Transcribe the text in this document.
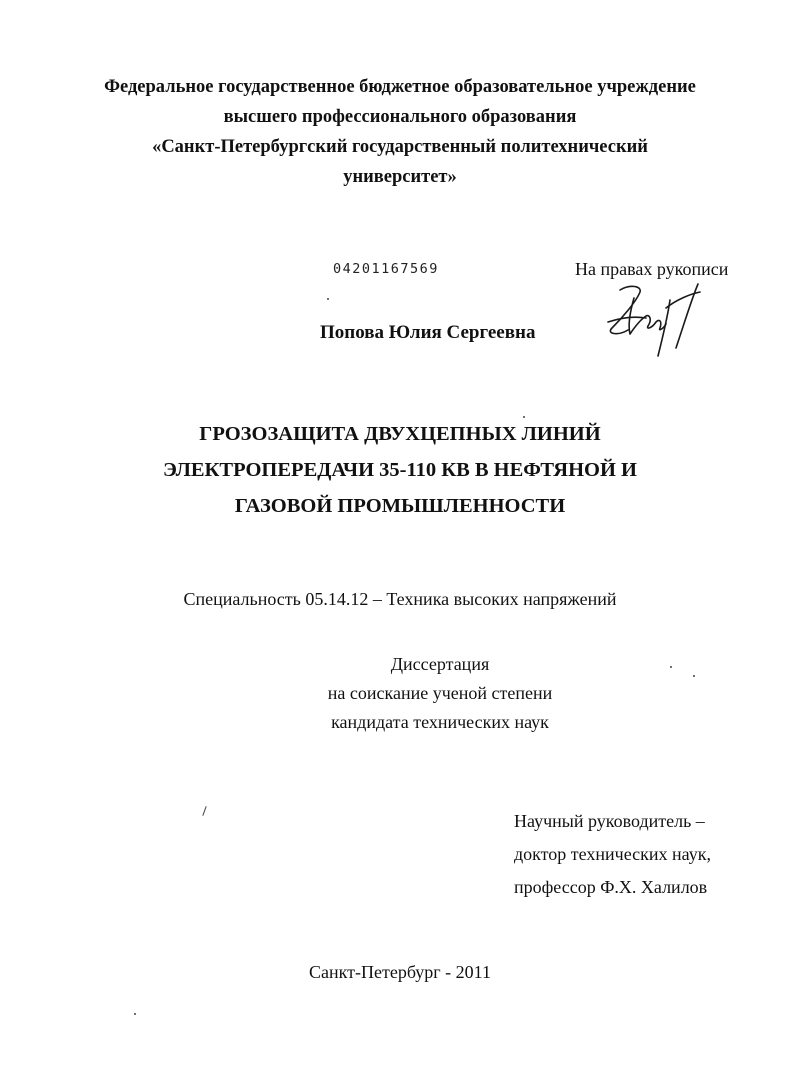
Федеральное государственное бюджетное образовательное учреждение
высшего профессионального образования
«Санкт-Петербургский государственный политехнический
университет»
04201167569	На правах рукописи
Попова Юлия Сергеевна
ГРОЗОЗАЩИТА ДВУХЦЕПНЫХ ЛИНИЙ
ЭЛЕКТРОПЕРЕДАЧИ 35-110 КВ В НЕФТЯНОЙ И
ГАЗОВОЙ ПРОМЫШЛЕННОСТИ
Специальность 05.14.12 – Техника высоких напряжений
Диссертация
на соискание ученой степени
кандидата технических наук
Научный руководитель –
доктор технических наук,
профессор Ф.Х. Халилов
Санкт-Петербург - 2011
